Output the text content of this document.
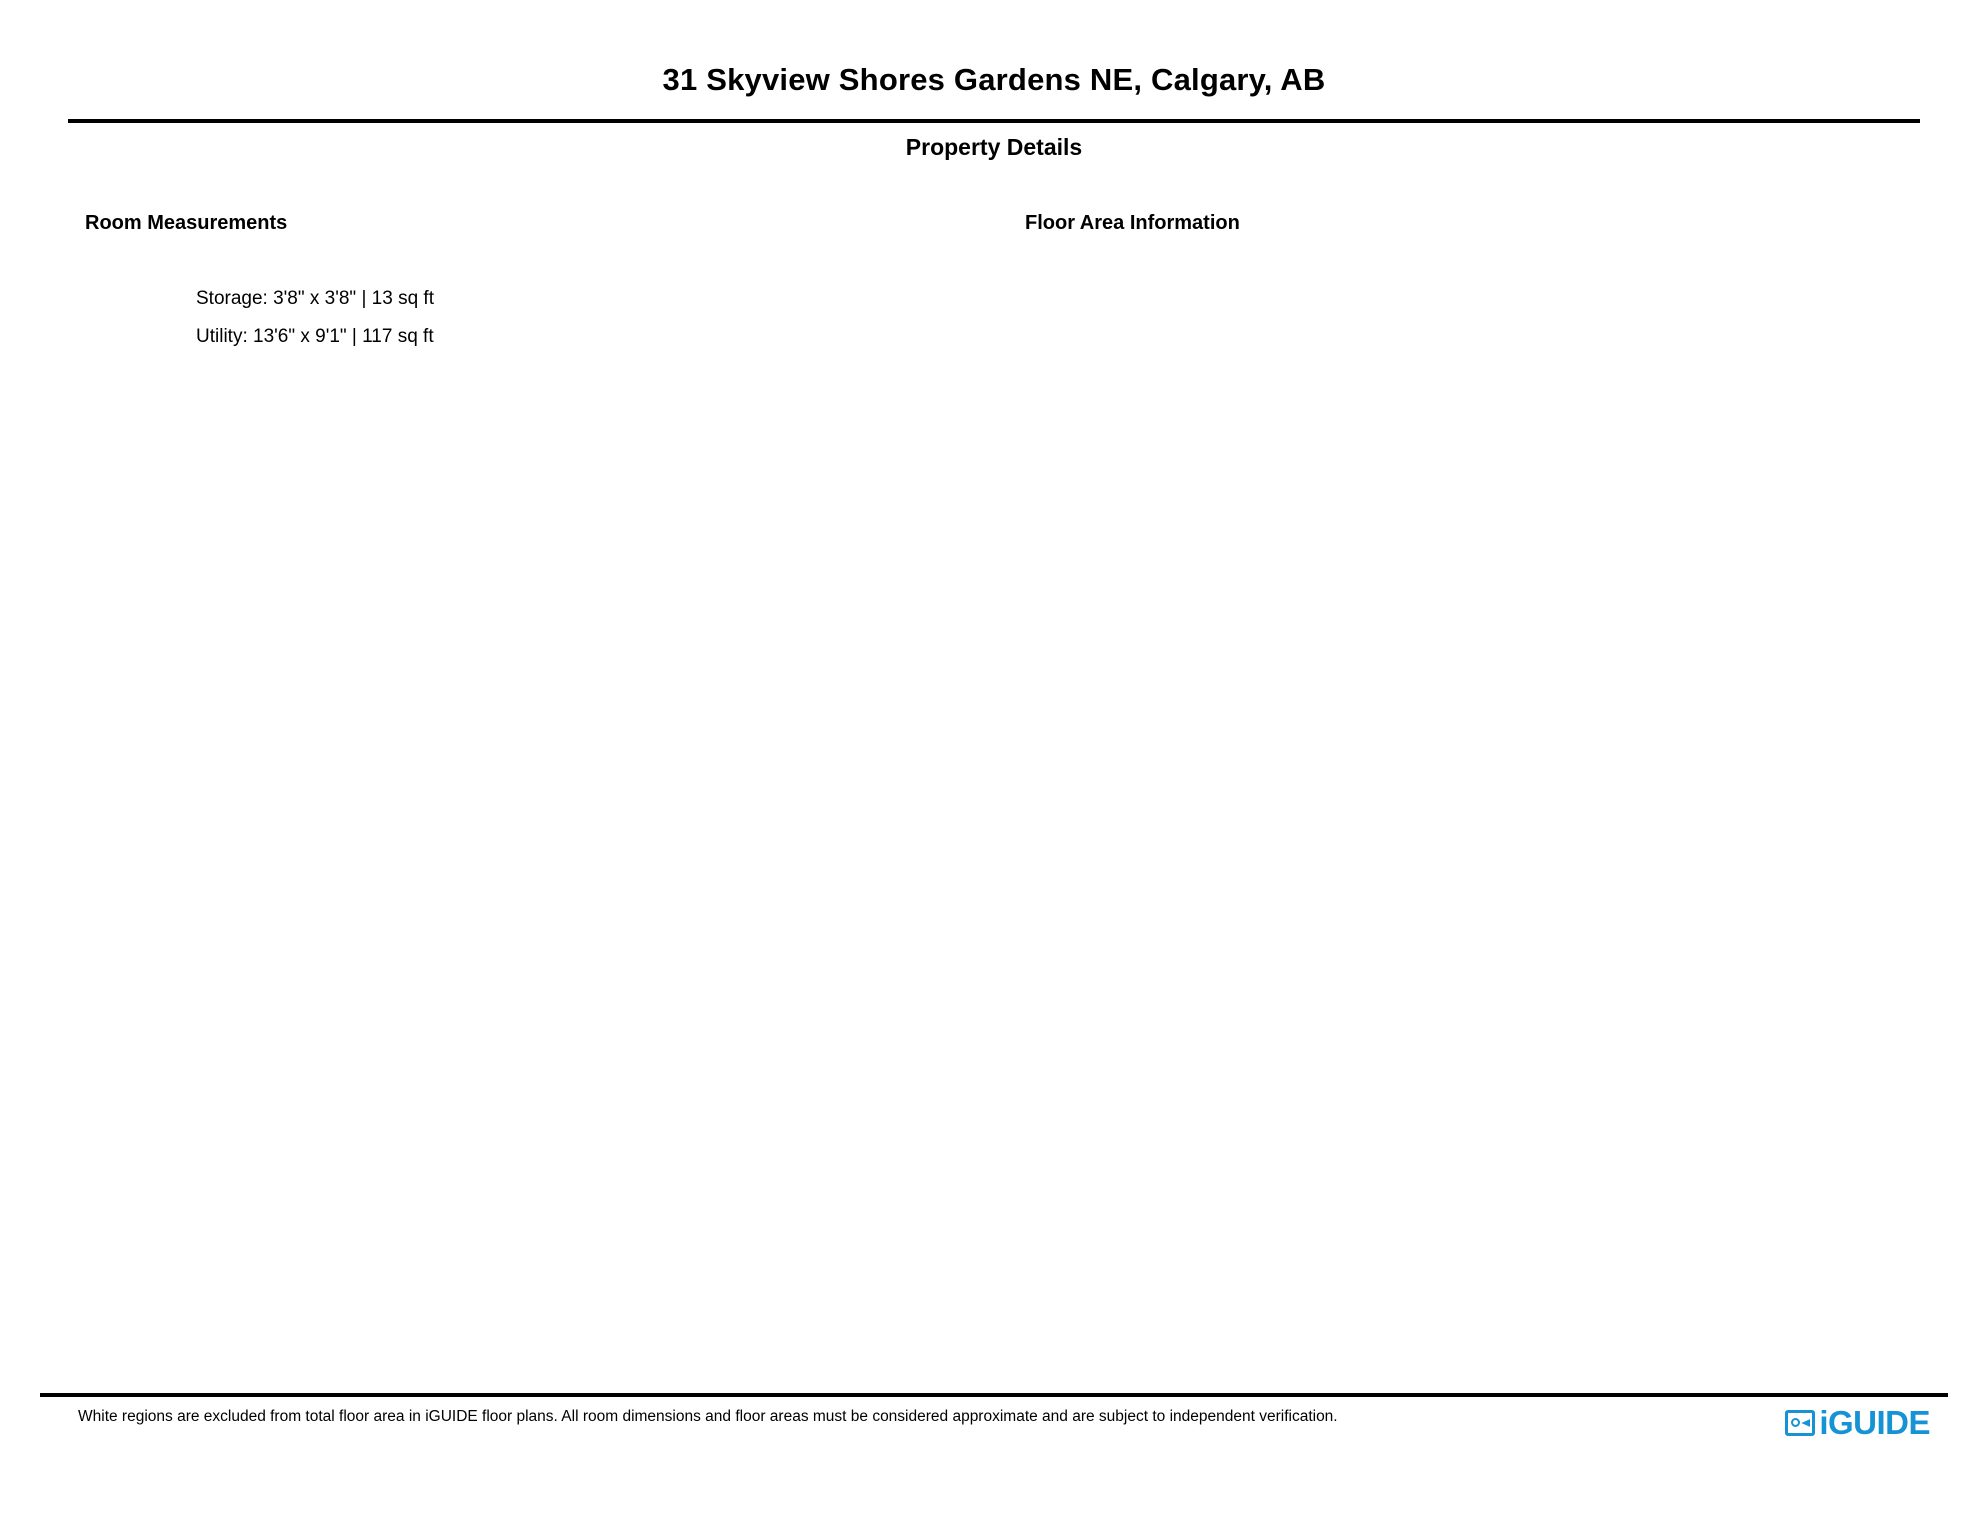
31 Skyview Shores Gardens NE, Calgary, AB
Property Details
Room Measurements	Floor Area Information
Storage: 3'8" x 3'8" | 13 sq ft
Utility: 13'6" x 9'1" | 117 sq ft
White regions are excluded from total floor area in iGUIDE floor plans. All room dimensions and floor areas must be considered approximate and are subject to independent verification.	iGUIDE
